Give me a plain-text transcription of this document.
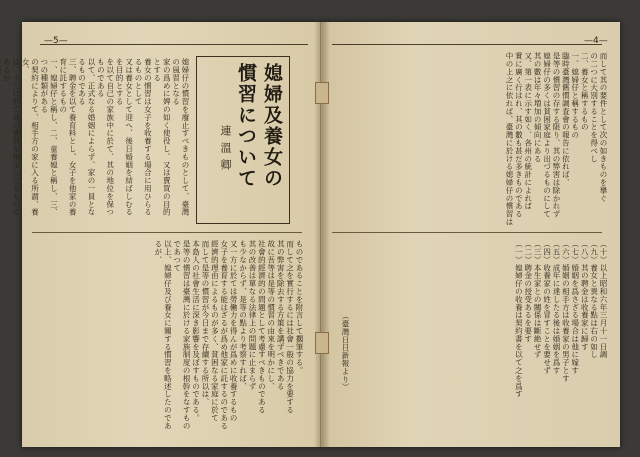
—5—
媳婦仔の慣習を廢止すべきものとして、臺灣の風習となる
家の爲めに婢の如く使役し、又は賣買の目的とする
養女の慣習は女子を收養する場合に用ひらるるものとして
又は養女として迎へ、後日婚姻を結ばしむるを目的とする
を以て自己の家族中に於て、其の地位を保つものである
以て、正式なる婚姻によらず、家の一員となるものである
三、聘金を以て養育料とし、女子を他家の養育に託するもの
一、媳婦仔と稱し、二、童養媳と稱し、三、つの種類がある
の契約によりて、相手方の家に入る所謂、養女、
は、十三に於て其の實質を規定したるものであるが、	媳婦及養女の
慣習について
連溫卿
ものであることを附言して擱筆する。
而して之を實行するには社會一般の協力を要する
其の弊害を除去する方策を講ずべきである
故に吾等は是等の慣習の由來を明かにし、
社會的經濟的の問題として考慮すべきものである
其の改善は單なる法律上の問題に止まらず
も少なからず、是等の點より考察すれば、
又一方に於ては勞働力を得んが爲めに收養するもの
女子を養育する能はざるが爲め他家に託するのである
經濟的理由によるものが多く、貧困なる家庭に於て
而して是等の慣習が今日まで存續する所以は、
本島人の社會生活に深き影響を及ぼすものである。
是等の慣習は臺灣に於ける家族制度の根幹をなすものであつて
以上、媳婦仔及び養女に關する慣習を略述したのであるが、
—4—
而して其の要件として次の如きものを擧ぐ
の二つに大別することを得べし
二、養女と稱するもの
一、媳婦仔と稱するもの
臨時臺灣舊慣調査會の報告に依れば、
是等の慣習の存する限り、其の弊害は除かれず
媳婦仔の多くは貧困家庭より出づるものにして
其の數は年々増加の傾向にある
又、第一表に示す如く、各州の統計によれば
實に廣く行はれ、其の數も甚だ多きものである
中の上之に依れば、臺灣に於ける媳婦仔の慣習は
（十）以上昭和六年三月十一日調
（九）養女と異なる點は右の如し
（八）其の聘金は收養家に歸す
（七）婚姻を爲さざる場合は他に嫁す
（六）婚姻の相手方は收養家の男子とす
（五）成年に達したる後は婚姻を爲す
（四）收養家の姓を冒すことを要せず
（三）本生家との關係は斷絶せず
（二）聘金の授受あるを要す
（一）媳婦仔の收養は契約書を以て之を爲す
（臺灣日日新報より）
